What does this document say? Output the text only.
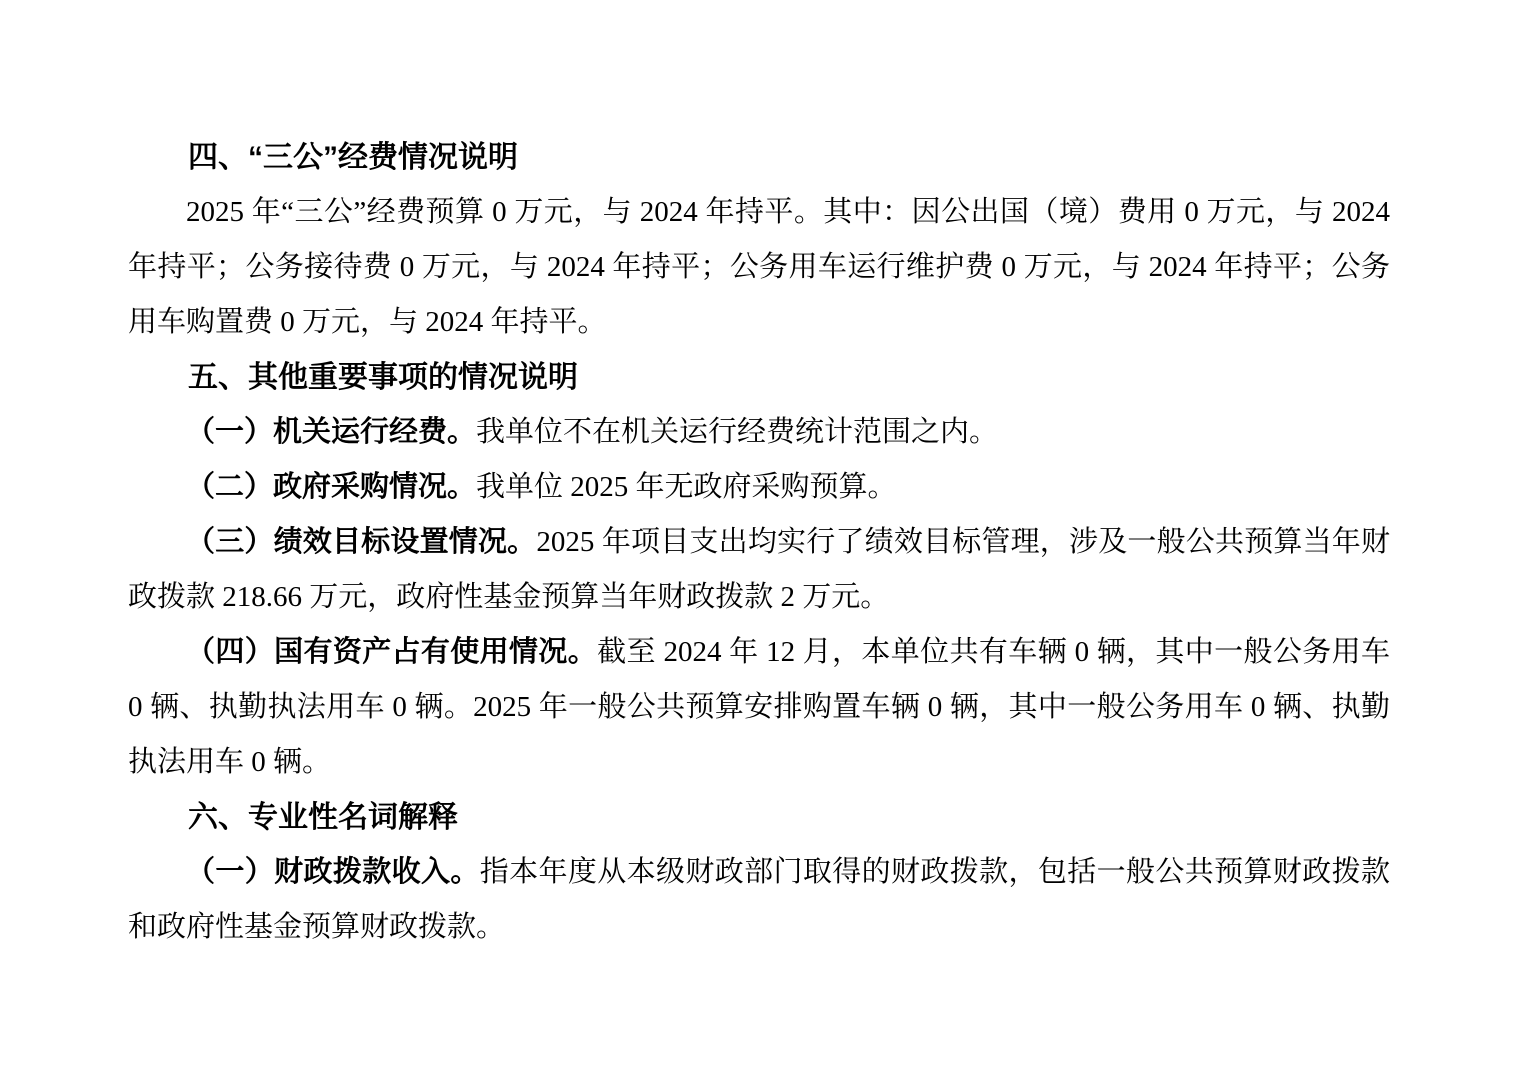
四、“三公”经费情况说明

2025 年“三公”经费预算 0 万元，与 2024 年持平。其中：因公出国（境）费用 0 万元，与 2024 年持平；公务接待费 0 万元，与 2024 年持平；公务用车运行维护费 0 万元，与 2024 年持平；公务用车购置费 0 万元，与 2024 年持平。

五、其他重要事项的情况说明

（一）机关运行经费。我单位不在机关运行经费统计范围之内。

（二）政府采购情况。我单位 2025 年无政府采购预算。

（三）绩效目标设置情况。2025 年项目支出均实行了绩效目标管理，涉及一般公共预算当年财政拨款 218.66 万元，政府性基金预算当年财政拨款 2 万元。

（四）国有资产占有使用情况。截至 2024 年 12 月，本单位共有车辆 0 辆，其中一般公务用车 0 辆、执勤执法用车 0 辆。2025 年一般公共预算安排购置车辆 0 辆，其中一般公务用车 0 辆、执勤执法用车 0 辆。

六、专业性名词解释

（一）财政拨款收入。指本年度从本级财政部门取得的财政拨款，包括一般公共预算财政拨款和政府性基金预算财政拨款。
